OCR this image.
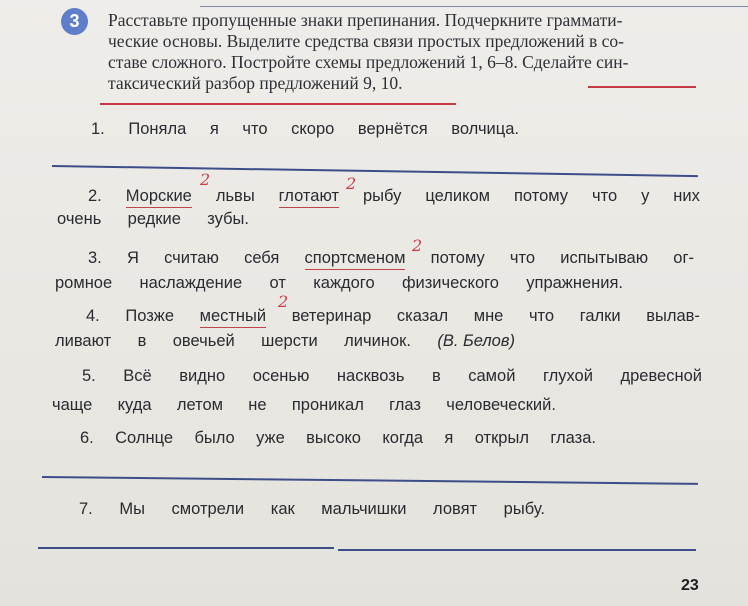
3	Расставьте пропущенные знаки препинания. Подчеркните граммати-
ческие основы. Выделите средства связи простых предложений в со-
ставе сложного. Постройте схемы предложений 1, 6–8. Сделайте син-
таксический разбор предложений 9, 10.
1. Поняла я что скоро вернётся волчица.
2. Морские львы глотают рыбу целиком потому что у них
очень редкие зубы.
2	2
3. Я считаю себя спортсменом потому что испытываю ог-
ромное наслаждение от каждого физического упражнения.
2
4. Позже местный ветеринар сказал мне что галки вылав-
ливают в овечьей шерсти личинок. (В. Белов)
2
5. Всё видно осенью насквозь в самой глухой древесной
чаще куда летом не проникал глаз человеческий.
6. Солнце было уже высоко когда я открыл глаза.
7. Мы смотрели как мальчишки ловят рыбу.
23
